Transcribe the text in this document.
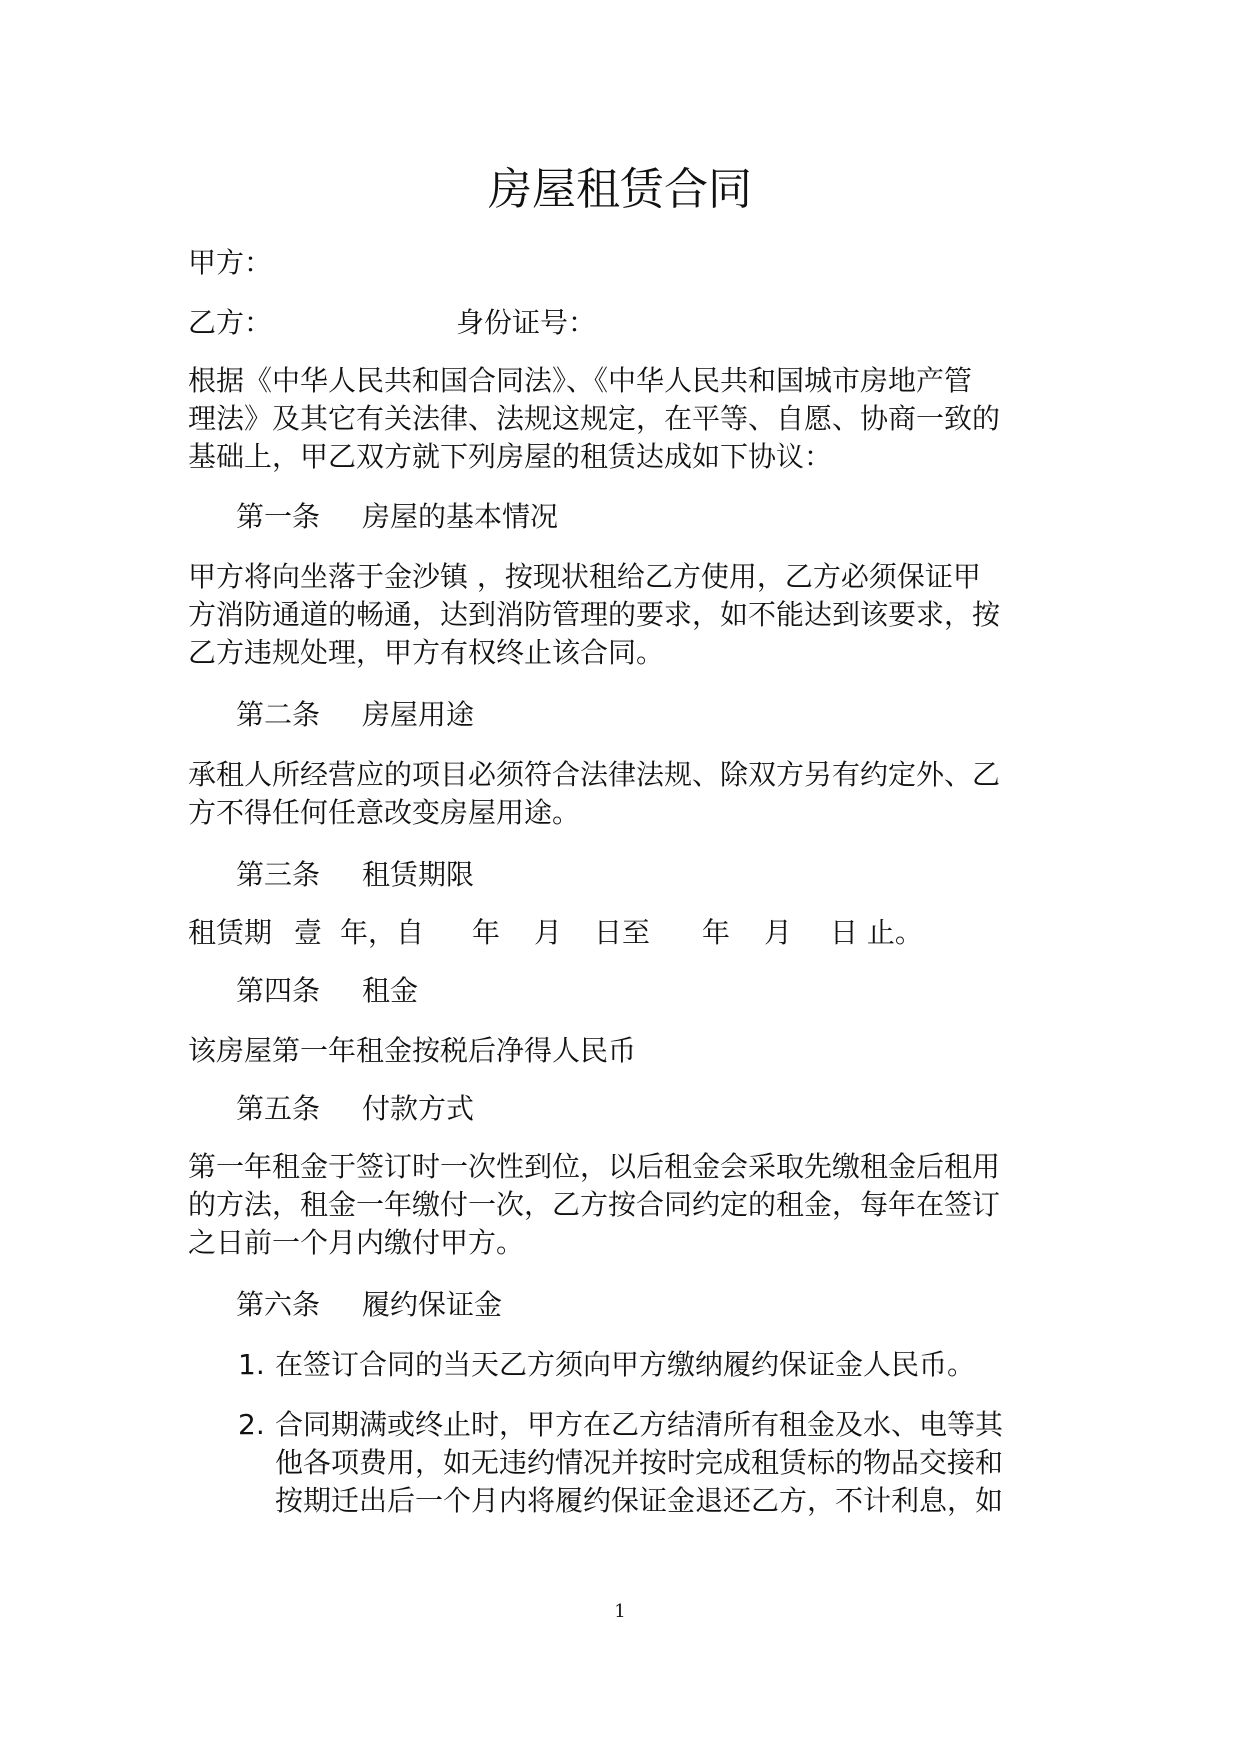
房屋租赁合同
甲方：
乙方：	身份证号：
根据《中华人民共和国合同法》、《中华人民共和国城市房地产管
理法》及其它有关法律、法规这规定，在平等、自愿、协商一致的
基础上，甲乙双方就下列房屋的租赁达成如下协议：
第一条 房屋的基本情况
甲方将向坐落于金沙镇 ，按现状租给乙方使用，乙方必须保证甲
方消防通道的畅通，达到消防管理的要求，如不能达到该要求，按
乙方违规处理，甲方有权终止该合同。
第二条 房屋用途
承租人所经营应的项目必须符合法律法规、除双方另有约定外、乙
方不得任何任意改变房屋用途。
第三条 租赁期限
租赁期 壹 年，自 年 月 日至 年 月 日 止。
第四条 租金
该房屋第一年租金按税后净得人民币
第五条 付款方式
第一年租金于签订时一次性到位，以后租金会采取先缴租金后租用
的方法，租金一年缴付一次，乙方按合同约定的租金，每年在签订
之日前一个月内缴付甲方。
第六条 履约保证金
1. 在签订合同的当天乙方须向甲方缴纳履约保证金人民币。
2. 合同期满或终止时，甲方在乙方结清所有租金及水、电等其
他各项费用，如无违约情况并按时完成租赁标的物品交接和
按期迁出后一个月内将履约保证金退还乙方，不计利息，如
1
